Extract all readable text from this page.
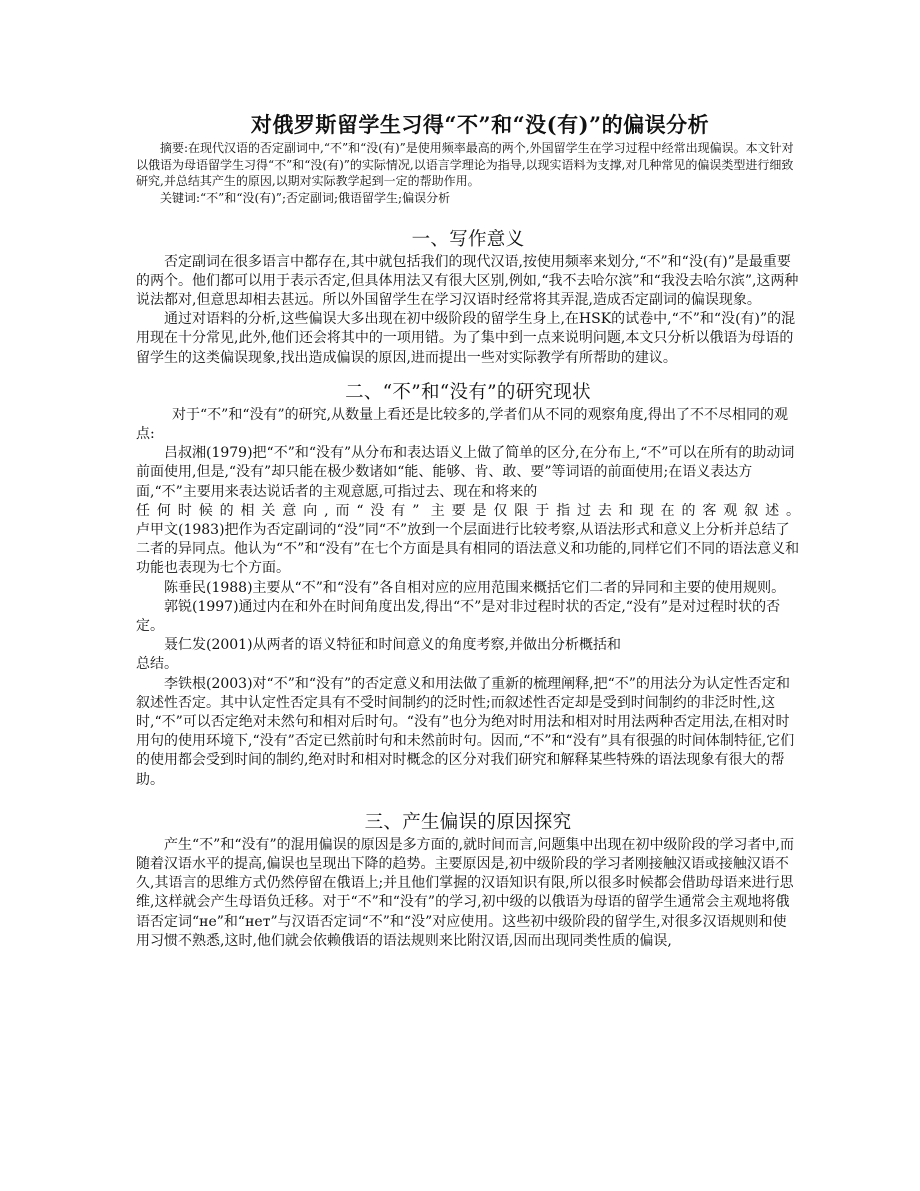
对俄罗斯留学生习得“不”和“没(有)”的偏误分析

摘要:在现代汉语的否定副词中,“不”和“没(有)”是使用频率最高的两个,外国留学生在学习过程中经常出现偏误。本文针对以俄语为母语留学生习得“不”和“没(有)”的实际情况,以语言学理论为指导,以现实语料为支撑,对几种常见的偏误类型进行细致研究,并总结其产生的原因,以期对实际教学起到一定的帮助作用。

关键词:“不”和“没(有)”;否定副词;俄语留学生;偏误分析

一、写作意义

否定副词在很多语言中都存在,其中就包括我们的现代汉语,按使用频率来划分,“不”和“没(有)”是最重要的两个。他们都可以用于表示否定,但具体用法又有很大区别,例如,“我不去哈尔滨”和“我没去哈尔滨”,这两种说法都对,但意思却相去甚远。所以外国留学生在学习汉语时经常将其弄混,造成否定副词的偏误现象。

通过对语料的分析,这些偏误大多出现在初中级阶段的留学生身上,在HSK的试卷中,“不”和“没(有)”的混用现在十分常见,此外,他们还会将其中的一项用错。为了集中到一点来说明问题,本文只分析以俄语为母语的留学生的这类偏误现象,找出造成偏误的原因,进而提出一些对实际教学有所帮助的建议。

二、“不”和“没有”的研究现状

对于“不”和“没有”的研究,从数量上看还是比较多的,学者们从不同的观察角度,得出了不不尽相同的观点:

吕叔湘(1979)把“不”和“没有”从分布和表达语义上做了简单的区分,在分布上,“不”可以在所有的助动词前面使用,但是,“没有”却只能在极少数诸如“能、能够、肯、敢、要”等词语的前面使用;在语义表达方面,“不”主要用来表达说话者的主观意愿,可指过去、现在和将来的

任何时候的相关意向,而“没有” 主要是仅限于指过去和现在的客观叙述。

卢甲文(1983)把作为否定副词的“没”同“不”放到一个层面进行比较考察,从语法形式和意义上分析并总结了二者的异同点。他认为“不”和“没有”在七个方面是具有相同的语法意义和功能的,同样它们不同的语法意义和功能也表现为七个方面。

陈垂民(1988)主要从“不”和“没有”各自相对应的应用范围来概括它们二者的异同和主要的使用规则。

郭锐(1997)通过内在和外在时间角度出发,得出“不”是对非过程时状的否定,“没有”是对过程时状的否定。

聂仁发(2001)从两者的语义特征和时间意义的角度考察,并做出分析概括和

总结。

李铁根(2003)对“不”和“没有”的否定意义和用法做了重新的梳理阐释,把“不”的用法分为认定性否定和叙述性否定。其中认定性否定具有不受时间制约的泛时性;而叙述性否定却是受到时间制约的非泛时性,这时,“不”可以否定绝对未然句和相对后时句。“没有”也分为绝对时用法和相对时用法两种否定用法,在相对时用句的使用环境下,“没有”否定已然前时句和未然前时句。因而,“不”和“没有”具有很强的时间体制特征,它们的使用都会受到时间的制约,绝对时和相对时概念的区分对我们研究和解释某些特殊的语法现象有很大的帮助。

三、产生偏误的原因探究

产生“不”和“没有”的混用偏误的原因是多方面的,就时间而言,问题集中出现在初中级阶段的学习者中,而随着汉语水平的提高,偏误也呈现出下降的趋势。主要原因是,初中级阶段的学习者刚接触汉语或接触汉语不久,其语言的思维方式仍然停留在俄语上;并且他们掌握的汉语知识有限,所以很多时候都会借助母语来进行思维,这样就会产生母语负迁移。对于“不”和“没有”的学习,初中级的以俄语为母语的留学生通常会主观地将俄语否定词“не”和“нет”与汉语否定词“不”和“没”对应使用。这些初中级阶段的留学生,对很多汉语规则和使用习惯不熟悉,这时,他们就会依赖俄语的语法规则来比附汉语,因而出现同类性质的偏误,
